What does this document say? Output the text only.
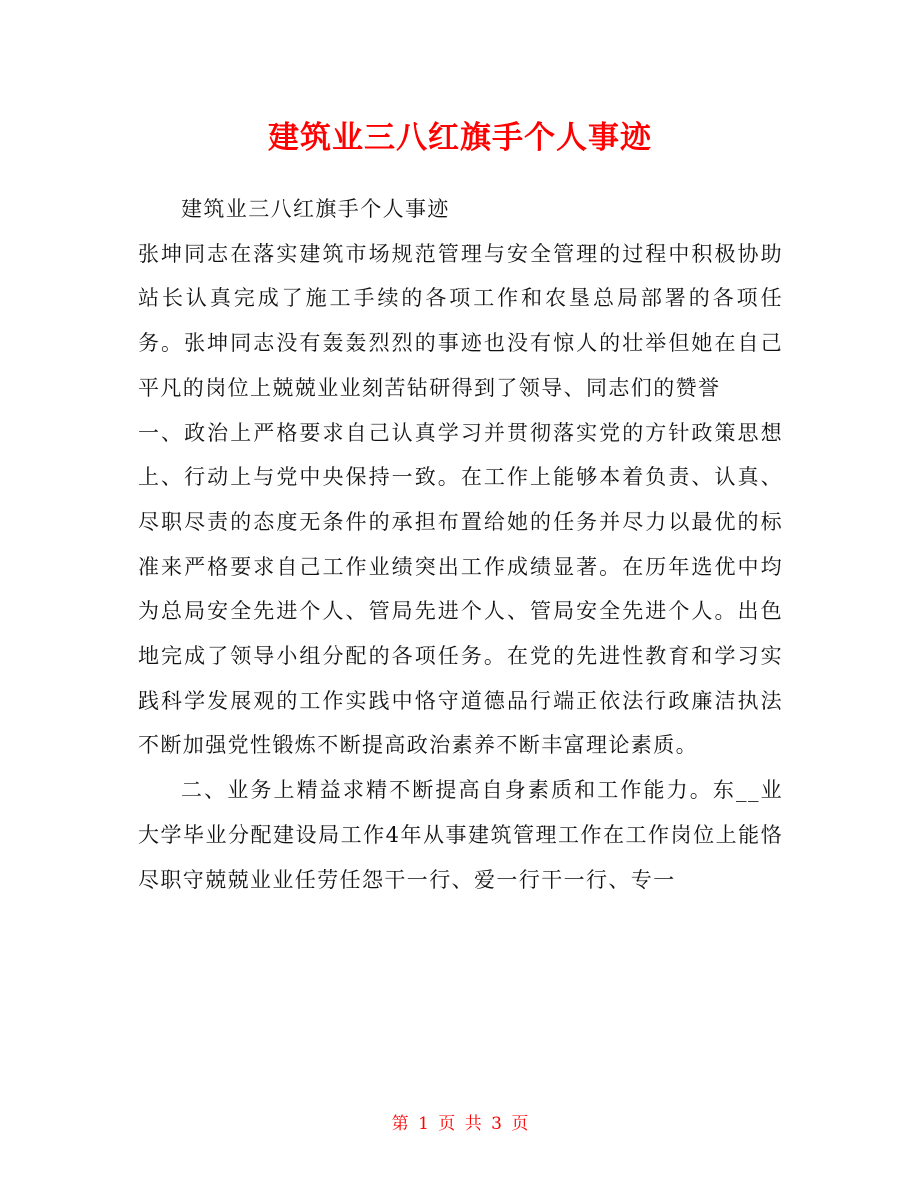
建筑业三八红旗手个人事迹

建筑业三八红旗手个人事迹

张坤同志在落实建筑市场规范管理与安全管理的过程中积极协助站长认真完成了施工手续的各项工作和农垦总局部署的各项任务。张坤同志没有轰轰烈烈的事迹也没有惊人的壮举但她在自己平凡的岗位上兢兢业业刻苦钻研得到了领导、同志们的赞誉

一、政治上严格要求自己认真学习并贯彻落实党的方针政策思想上、行动上与党中央保持一致。在工作上能够本着负责、认真、尽职尽责的态度无条件的承担布置给她的任务并尽力以最优的标准来严格要求自己工作业绩突出工作成绩显著。在历年选优中均为总局安全先进个人、管局先进个人、管局安全先进个人。出色地完成了领导小组分配的各项任务。在党的先进性教育和学习实践科学发展观的工作实践中恪守道德品行端正依法行政廉洁执法不断加强党性锻炼不断提高政治素养不断丰富理论素质。

二、业务上精益求精不断提高自身素质和工作能力。东__业大学毕业分配建设局工作4年从事建筑管理工作在工作岗位上能恪尽职守兢兢业业任劳任怨干一行、爱一行干一行、专一

第 1 页 共 3 页
